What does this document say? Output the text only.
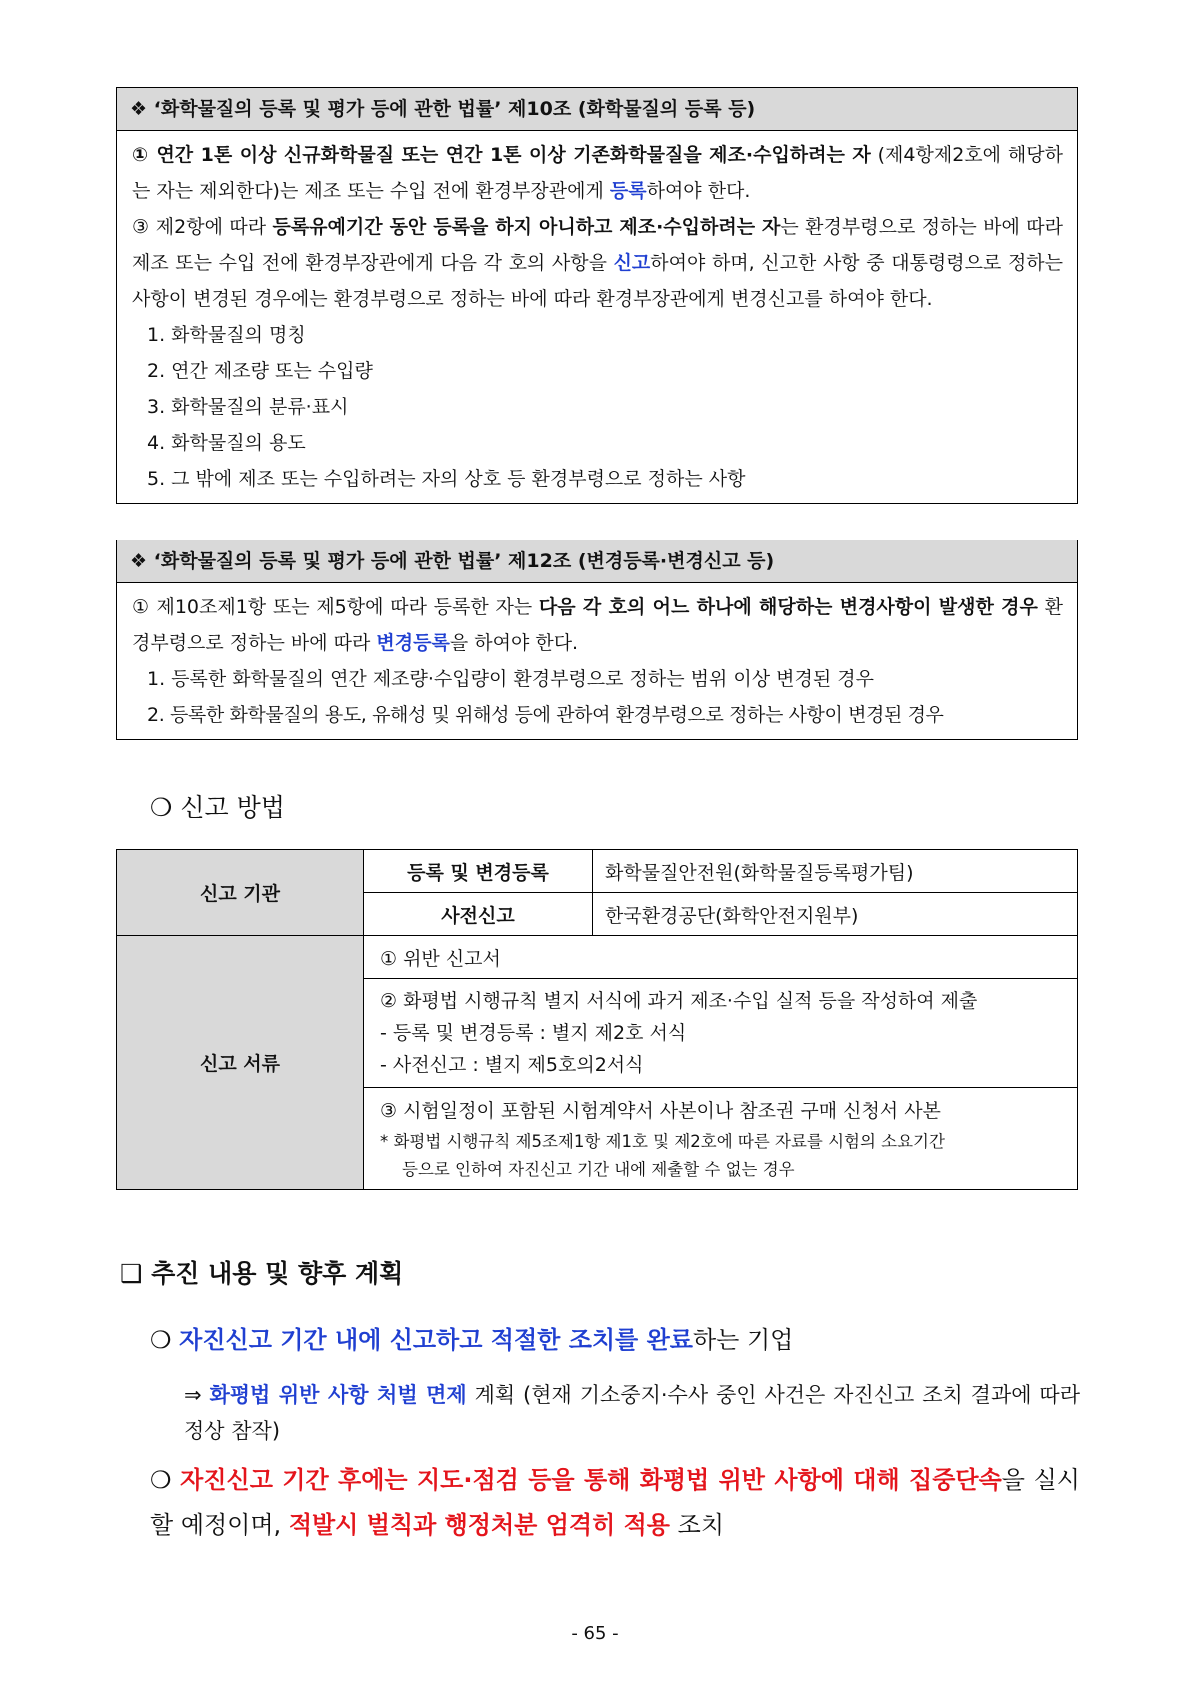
❖ ‘화학물질의 등록 및 평가 등에 관한 법률’ 제10조 (화학물질의 등록 등)

① 연간 1톤 이상 신규화학물질 또는 연간 1톤 이상 기존화학물질을 제조·수입하려는 자 (제4항제2호에 해당하는 자는 제외한다)는 제조 또는 수입 전에 환경부장관에게 등록하여야 한다.

③ 제2항에 따라 등록유예기간 동안 등록을 하지 아니하고 제조·수입하려는 자는 환경부령으로 정하는 바에 따라 제조 또는 수입 전에 환경부장관에게 다음 각 호의 사항을 신고하여야 하며, 신고한 사항 중 대통령령으로 정하는 사항이 변경된 경우에는 환경부령으로 정하는 바에 따라 환경부장관에게 변경신고를 하여야 한다.

1. 화학물질의 명칭
2. 연간 제조량 또는 수입량
3. 화학물질의 분류·표시
4. 화학물질의 용도
5. 그 밖에 제조 또는 수입하려는 자의 상호 등 환경부령으로 정하는 사항
❖ ‘화학물질의 등록 및 평가 등에 관한 법률’ 제12조 (변경등록·변경신고 등)

① 제10조제1항 또는 제5항에 따라 등록한 자는 다음 각 호의 어느 하나에 해당하는 변경사항이 발생한 경우 환경부령으로 정하는 바에 따라 변경등록을 하여야 한다.

1. 등록한 화학물질의 연간 제조량·수입량이 환경부령으로 정하는 범위 이상 변경된 경우
2. 등록한 화학물질의 용도, 유해성 및 위해성 등에 관하여 환경부령으로 정하는 사항이 변경된 경우
❍ 신고 방법
신고 기관	등록 및 변경등록	화학물질안전원(화학물질등록평가팀)
	사전신고	한국환경공단(화학안전지원부)
신고 서류	① 위반 신고서	

	② 화평법 시행규칙 별지 서식에 과거 제조·수입 실적 등을 작성하여 제출
- 등록 및 변경등록 : 별지 제2호 서식
- 사전신고 : 별지 제5호의2서식	

	③ 시험일정이 포함된 시험계약서 사본이나 참조권 구매 신청서 사본
* 화평법 시행규칙 제5조제1항 제1호 및 제2호에 따른 자료를 시험의 소요기간
등으로 인하여 자진신고 기간 내에 제출할 수 없는 경우	
❑ 추진 내용 및 향후 계획
❍ 자진신고 기간 내에 신고하고 적절한 조치를 완료하는 기업
⇒ 화평법 위반 사항 처벌 면제 계획 (현재 기소중지·수사 중인 사건은 자진신고 조치 결과에 따라 정상 참작)
❍ 자진신고 기간 후에는 지도·점검 등을 통해 화평법 위반 사항에 대해 집중단속을 실시할 예정이며, 적발시 벌칙과 행정처분 엄격히 적용 조치
- 65 -
